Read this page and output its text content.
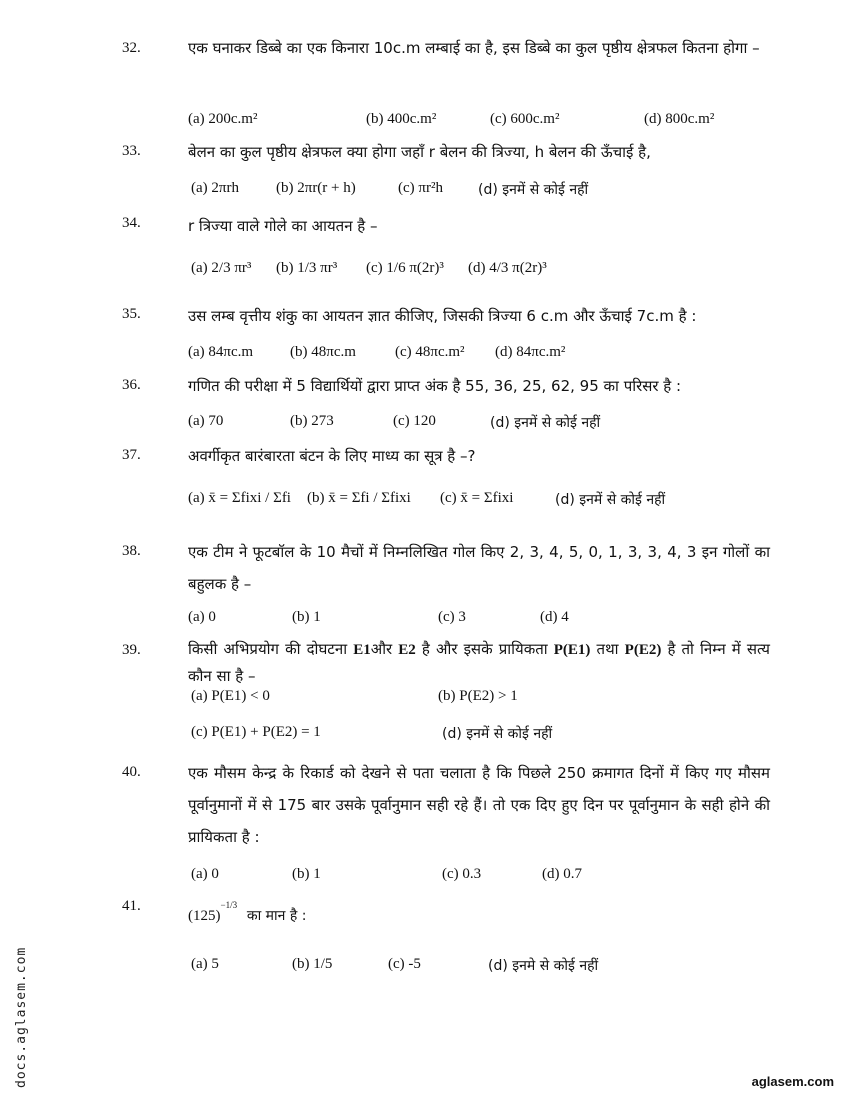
32.	एक घनाकर डिब्बे का एक किनारा 10c.m लम्बाई का है, इस डिब्बे का कुल पृष्ठीय क्षेत्रफल कितना होगा –
(a) 200c.m²	(b) 400c.m²	(c) 600c.m²	(d) 800c.m²
33.	बेलन का कुल पृष्ठीय क्षेत्रफल क्या होगा जहाँ r बेलन की त्रिज्या, h बेलन की ऊँचाई है,
(a) 2πrh (b) 2πr(r + h)	(c) πr²h	(d) इनमें से कोई नहीं
34.	r त्रिज्या वाले गोले का आयतन है –
(a) 2/3 πr³ (b) 1/3 πr³ (c) 1/6 π(2r)³ (d) 4/3 π(2r)³
35.	उस लम्ब वृत्तीय शंकु का आयतन ज्ञात कीजिए, जिसकी त्रिज्या 6 c.m और ऊँचाई 7c.m है :
(a) 84πc.m (b) 48πc.m	(c) 48πc.m² (d) 84πc.m²
36.	गणित की परीक्षा में 5 विद्यार्थियों द्वारा प्राप्त अंक है 55, 36, 25, 62, 95 का परिसर है :
(a) 70	(b) 273	(c) 120	(d) इनमें से कोई नहीं
37.	अवर्गीकृत बारंबारता बंटन के लिए माध्य का सूत्र है –?
(a) x̄ = Σfixi / Σfi (b) x̄ = Σfi / Σfixi (c) x̄ = Σfixi	(d) इनमें से कोई नहीं
38.	एक टीम ने फूटबॉल के 10 मैचों में निम्नलिखित गोल किए 2, 3, 4, 5, 0, 1, 3, 3, 4, 3 इन गोलों का बहुलक है –
(a) 0	(b) 1	(c) 3	(d) 4
39.	किसी अभिप्रयोग की दोघटना E1और E2 है और इसके प्रायिकता P(E1) तथा P(E2) है तो निम्न में सत्य कौन सा है –
(a) P(E1) < 0	(b) P(E2) > 1
(c) P(E1) + P(E2) = 1	(d) इनमें से कोई नहीं
40.	एक मौसम केन्द्र के रिकार्ड को देखने से पता चलाता है कि पिछले 250 क्रमागत दिनों में किए गए मौसम पूर्वानुमानों में से 175 बार उसके पूर्वानुमान सही रहे हैं। तो एक दिए हुए दिन पर पूर्वानुमान के सही होने की प्रायिकता है :
(a) 0	(b) 1	(c) 0.3	(d) 0.7
41.
$(125)^{-1/3}$ का मान है :
(a) 5	(b) 1/5	(c) -5	(d) इनमे से कोई नहीं
docs.aglasem.com	aglasem.com
